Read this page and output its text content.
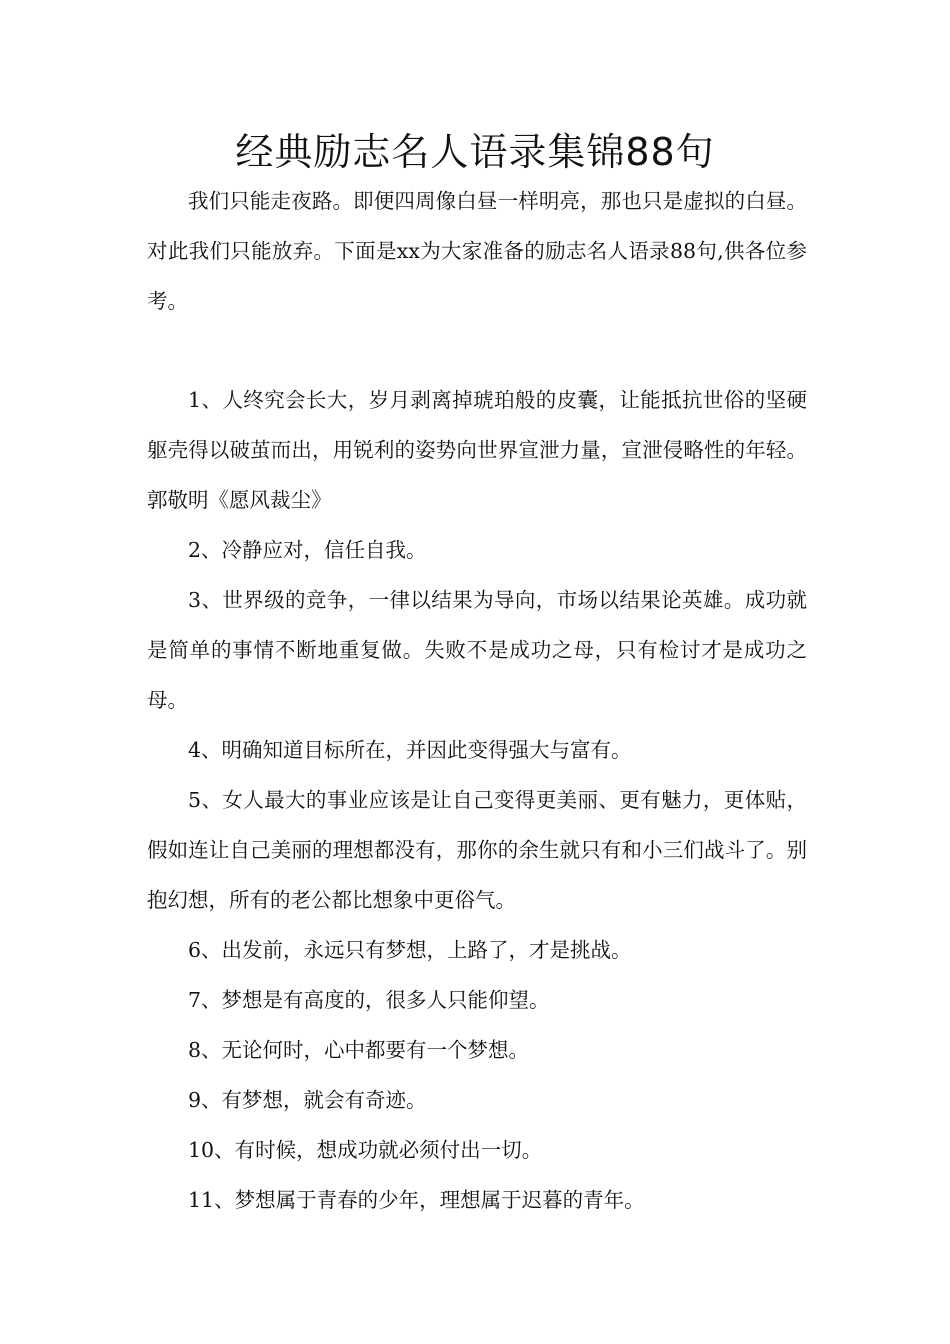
经典励志名人语录集锦88句

我们只能走夜路。即便四周像白昼一样明亮，那也只是虚拟的白昼。对此我们只能放弃。下面是xx为大家准备的励志名人语录88句,供各位参考。

1、人终究会长大，岁月剥离掉琥珀般的皮囊，让能抵抗世俗的坚硬躯壳得以破茧而出，用锐利的姿势向世界宣泄力量，宣泄侵略性的年轻。郭敬明《愿风裁尘》

2、冷静应对，信任自我。

3、世界级的竞争，一律以结果为导向，市场以结果论英雄。成功就是简单的事情不断地重复做。失败不是成功之母，只有检讨才是成功之母。

4、明确知道目标所在，并因此变得强大与富有。

5、女人最大的事业应该是让自己变得更美丽、更有魅力，更体贴，假如连让自己美丽的理想都没有，那你的余生就只有和小三们战斗了。别抱幻想，所有的老公都比想象中更俗气。

6、出发前，永远只有梦想，上路了，才是挑战。

7、梦想是有高度的，很多人只能仰望。

8、无论何时，心中都要有一个梦想。

9、有梦想，就会有奇迹。

10、有时候，想成功就必须付出一切。

11、梦想属于青春的少年，理想属于迟暮的青年。
